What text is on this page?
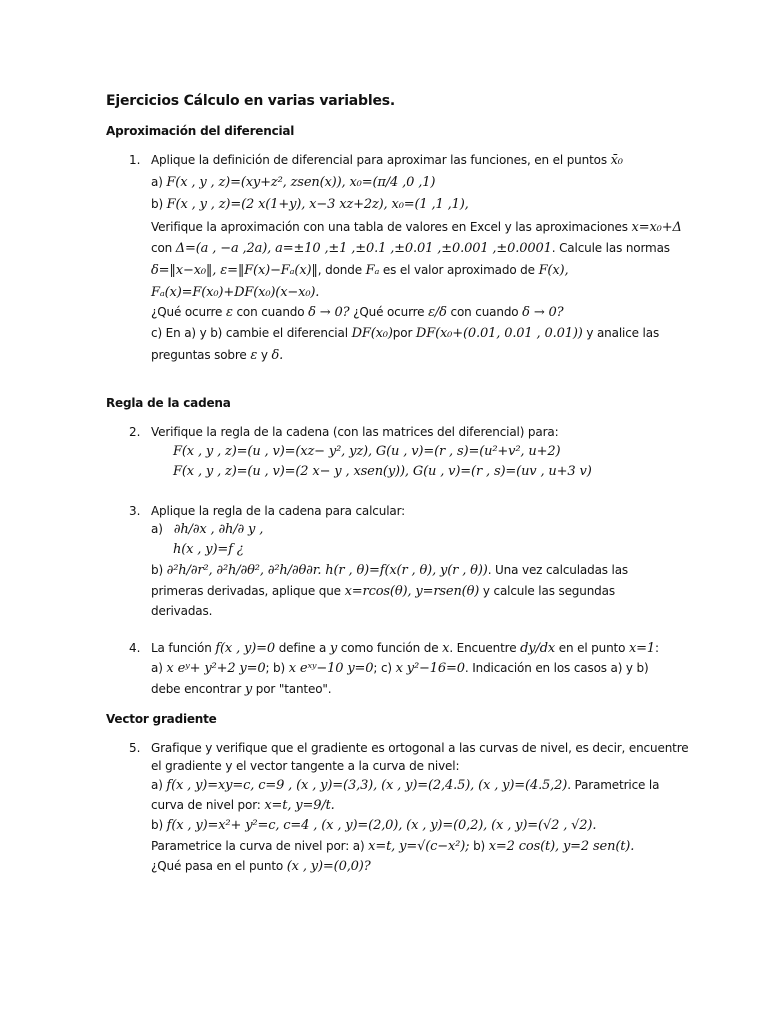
Ejercicios Cálculo en varias variables.
Aproximación del diferencial
1. Aplique la definición de diferencial para aproximar las funciones, en el puntos x̄₀
a) F(x , y , z)=(xy+z², zsen(x)), x₀=(π/4 ,0 ,1)
b) F(x , y , z)=(2 x(1+y), x−3 xz+2z), x₀=(1 ,1 ,1),
Verifique la aproximación con una tabla de valores en Excel y las aproximaciones x=x₀+Δ
con Δ=(a , −a ,2a), a=±10 ,±1 ,±0.1 ,±0.01 ,±0.001 ,±0.0001. Calcule las normas
δ=‖x−x₀‖, ε=‖F(x)−Fₐ(x)‖, donde Fₐ es el valor aproximado de F(x),
Fₐ(x)=F(x₀)+DF(x₀)(x−x₀).
¿Qué ocurre ε con cuando δ → 0? ¿Qué ocurre ε/δ con cuando δ → 0?
c) En a) y b) cambie el diferencial DF(x₀)por DF(x₀+(0.01, 0.01 , 0.01)) y analice las
preguntas sobre ε y δ.
Regla de la cadena
2. Verifique la regla de la cadena (con las matrices del diferencial) para:
F(x , y , z)=(u , v)=(xz− y², yz), G(u , v)=(r , s)=(u²+v², u+2)
F(x , y , z)=(u , v)=(2 x− y , xsen(y)), G(u , v)=(r , s)=(uv , u+3 v)
3. Aplique la regla de la cadena para calcular:
a) ∂h/∂x , ∂h/∂ y ,
h(x , y)=f ¿
b) ∂²h/∂r², ∂²h/∂θ², ∂²h/∂θ∂r. h(r , θ)=f(x(r , θ), y(r , θ)). Una vez calculadas las
primeras derivadas, aplique que x=rcos(θ), y=rsen(θ) y calcule las segundas
derivadas.
4. La función f(x , y)=0 define a y como función de x. Encuentre dy/dx en el punto x=1:
a) x eʸ+ y²+2 y=0; b) x eˣʸ−10 y=0; c) x y²−16=0. Indicación en los casos a) y b)
debe encontrar y por "tanteo".
Vector gradiente
5. Grafique y verifique que el gradiente es ortogonal a las curvas de nivel, es decir, encuentre
el gradiente y el vector tangente a la curva de nivel:
a) f(x , y)=xy=c, c=9 , (x , y)=(3,3), (x , y)=(2,4.5), (x , y)=(4.5,2). Parametrice la
curva de nivel por: x=t, y=9/t.
b) f(x , y)=x²+ y²=c, c=4 , (x , y)=(2,0), (x , y)=(0,2), (x , y)=(√2 , √2).
Parametrice la curva de nivel por: a) x=t, y=√(c−x²); b) x=2 cos(t), y=2 sen(t).
¿Qué pasa en el punto (x , y)=(0,0)?
